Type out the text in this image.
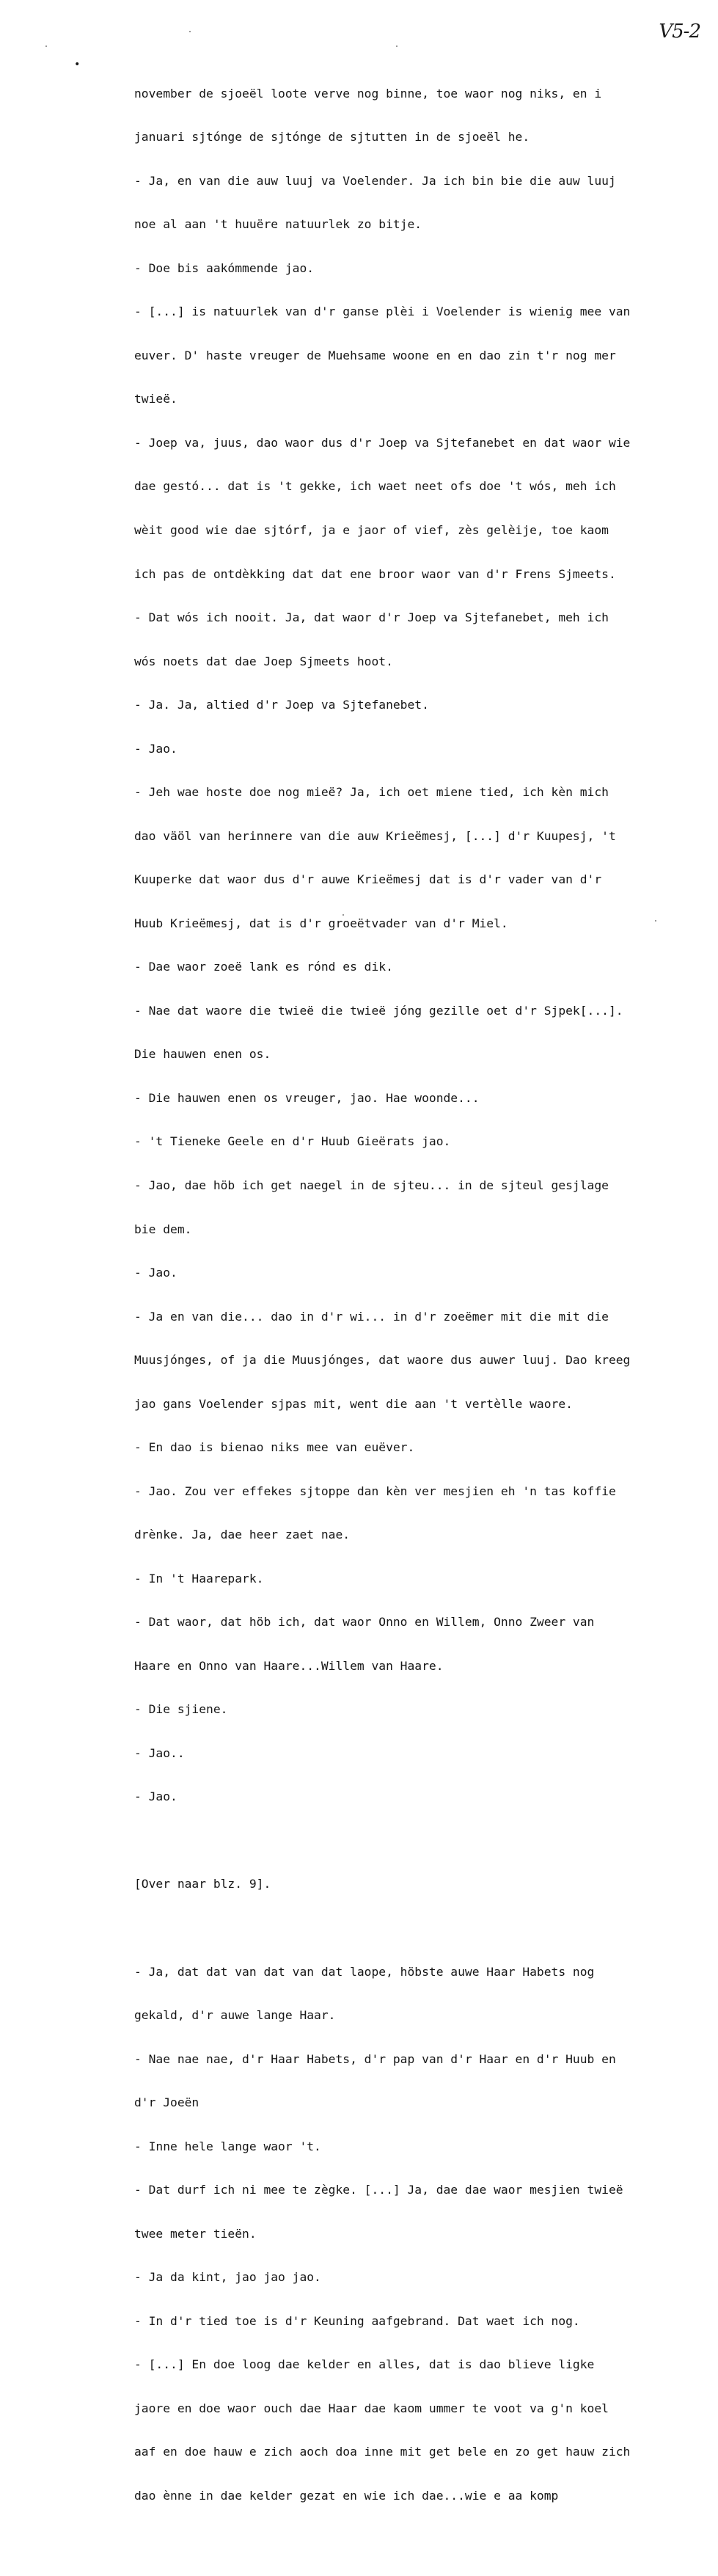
V5-2
•

november de sjoeël loote verve nog binne, toe waor nog niks, en i

januari sjtónge de sjtónge de sjtutten in de sjoeël he.

- Ja, en van die auw luuj va Voelender. Ja ich bin bie die auw luuj

noe al aan 't huuëre natuurlek zo bitje.

- Doe bis aakómmende jao.

- [...] is natuurlek van d'r ganse plèi i Voelender is wienig mee van

euver. D' haste vreuger de Muehsame woone en en dao zin t'r nog mer

twieë.

- Joep va, juus, dao waor dus d'r Joep va Sjtefanebet en dat waor wie

dae gestó... dat is 't gekke, ich waet neet ofs doe 't wós, meh ich

wèit good wie dae sjtórf, ja e jaor of vief, zès gelèije, toe kaom

ich pas de ontdèkking dat dat ene broor waor van d'r Frens Sjmeets.

- Dat wós ich nooit. Ja, dat waor d'r Joep va Sjtefanebet, meh ich

wós noets dat dae Joep Sjmeets hoot.

- Ja. Ja, altied d'r Joep va Sjtefanebet.

- Jao.

- Jeh wae hoste doe nog mieë? Ja, ich oet miene tied, ich kèn mich

dao väöl van herinnere van die auw Krieëmesj, [...] d'r Kuupesj, 't

Kuuperke dat waor dus d'r auwe Krieëmesj dat is d'r vader van d'r

Huub Krieëmesj, dat is d'r groeëtvader van d'r Miel.

- Dae waor zoeë lank es rónd es dik.

- Nae dat waore die twieë die twieë jóng gezille oet d'r Sjpek[...].

Die hauwen enen os.

- Die hauwen enen os vreuger, jao. Hae woonde...

- 't Tieneke Geele en d'r Huub Gieërats jao.

- Jao, dae höb ich get naegel in de sjteu... in de sjteul gesjlage

bie dem.

- Jao.

- Ja en van die... dao in d'r wi... in d'r zoeëmer mit die mit die

Muusjónges, of ja die Muusjónges, dat waore dus auwer luuj. Dao kreeg

jao gans Voelender sjpas mit, went die aan 't vertèlle waore.

- En dao is bienao niks mee van euëver.

- Jao. Zou ver effekes sjtoppe dan kèn ver mesjien eh 'n tas koffie

drènke. Ja, dae heer zaet nae.

- In 't Haarepark.

- Dat waor, dat höb ich, dat waor Onno en Willem, Onno Zweer van

Haare en Onno van Haare...Willem van Haare.

- Die sjiene.

- Jao..

- Jao.

[Over naar blz. 9].

- Ja, dat dat van dat van dat laope, höbste auwe Haar Habets nog

gekald, d'r auwe lange Haar.

- Nae nae nae, d'r Haar Habets, d'r pap van d'r Haar en d'r Huub en

d'r Joeën

- Inne hele lange waor 't.

- Dat durf ich ni mee te zègke. [...] Ja, dae dae waor mesjien twieë

twee meter tieën.

- Ja da kint, jao jao jao.

- In d'r tied toe is d'r Keuning aafgebrand. Dat waet ich nog.

- [...] En doe loog dae kelder en alles, dat is dao blieve ligke

jaore en doe waor ouch dae Haar dae kaom ummer te voot va g'n koel

aaf en doe hauw e zich aoch doa inne mit get bele en zo get hauw zich

dao ènne in dae kelder gezat en wie ich dae...wie e aa komp
